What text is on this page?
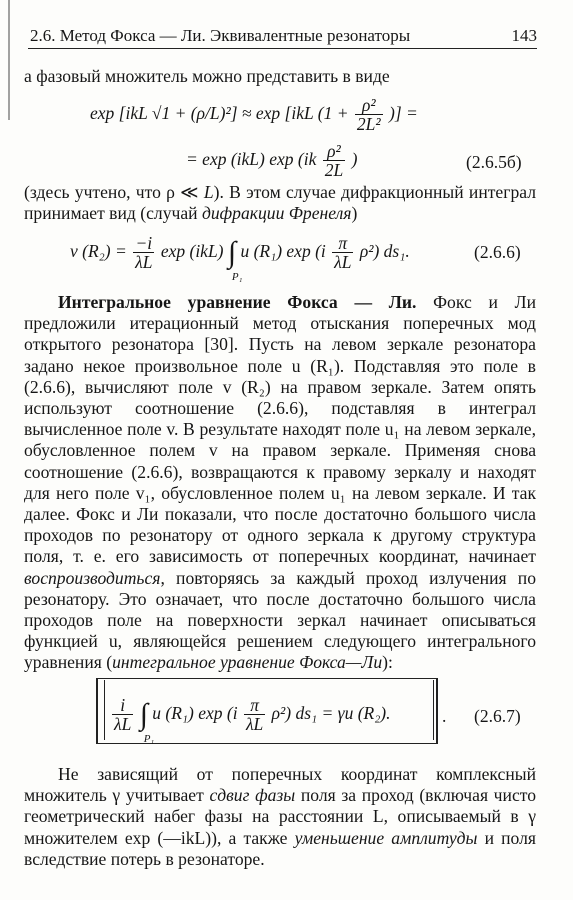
2.6. Метод Фокса — Ли. Эквивалентные резонаторы	143

а фазовый множитель можно представить в виде

exp [ikL √1 + (ρ/L)²] ≈ exp [ikL ($1 + \frac{\text{ρ²}}{\text{2L²}}$ )] =
= exp (ikL) $\exp (ik \frac{\text{ρ²}}{2L}$ )	(2.6.5б)

(здесь учтено, что ρ ≪ L). В этом случае дифракционный интеграл принимает вид (случай дифракции Френеля)

v $(R_2) = \frac{-i}{\lambda L}$ exp (ikL) ∫
P₁
u (R₁) $\exp (i \frac{\pi}{\lambda L} \rho^2)$ ds₁.	(2.6.6)

Интегральное уравнение Фокса — Ли. Фокс и Ли предложили итерационный метод отыскания поперечных мод открытого резонатора [30]. Пусть на левом зеркале резонатора задано некое произвольное поле u (R₁). Подставляя это поле в (2.6.6), вычисляют поле v (R₂) на правом зеркале. Затем опять используют соотношение (2.6.6), подставляя в интеграл вычисленное поле v. В результате находят поле u₁ на левом зеркале, обусловленное полем v на правом зеркале. Применяя снова соотношение (2.6.6), возвращаются к правому зеркалу и находят для него поле v₁, обусловленное полем u₁ на левом зеркале. И так далее. Фокс и Ли показали, что после достаточно большого числа проходов по резонатору от одного зеркала к другому структура поля, т. е. его зависимость от поперечных координат, начинает воспроизводиться, повторяясь за каждый проход излучения по резонатору. Это означает, что после достаточно большого числа проходов поле на поверхности зеркал начинает описываться функцией u, являющейся решением следующего интегрального уравнения (интегральное уравнение Фокса—Ли):

$\frac{i}{\lambda L}$ ∫
P₁
u (R₁) $\exp (i \frac{\pi}{\lambda L} \rho^2)$ ds₁ = γu (R₂).	. (2.6.7)

Не зависящий от поперечных координат комплексный множитель γ учитывает сдвиг фазы поля за проход (включая чисто геометрический набег фазы на расстоянии L, описываемый в γ множителем exp (—ikL)), а также уменьшение амплитуды и поля вследствие потерь в резонаторе.
